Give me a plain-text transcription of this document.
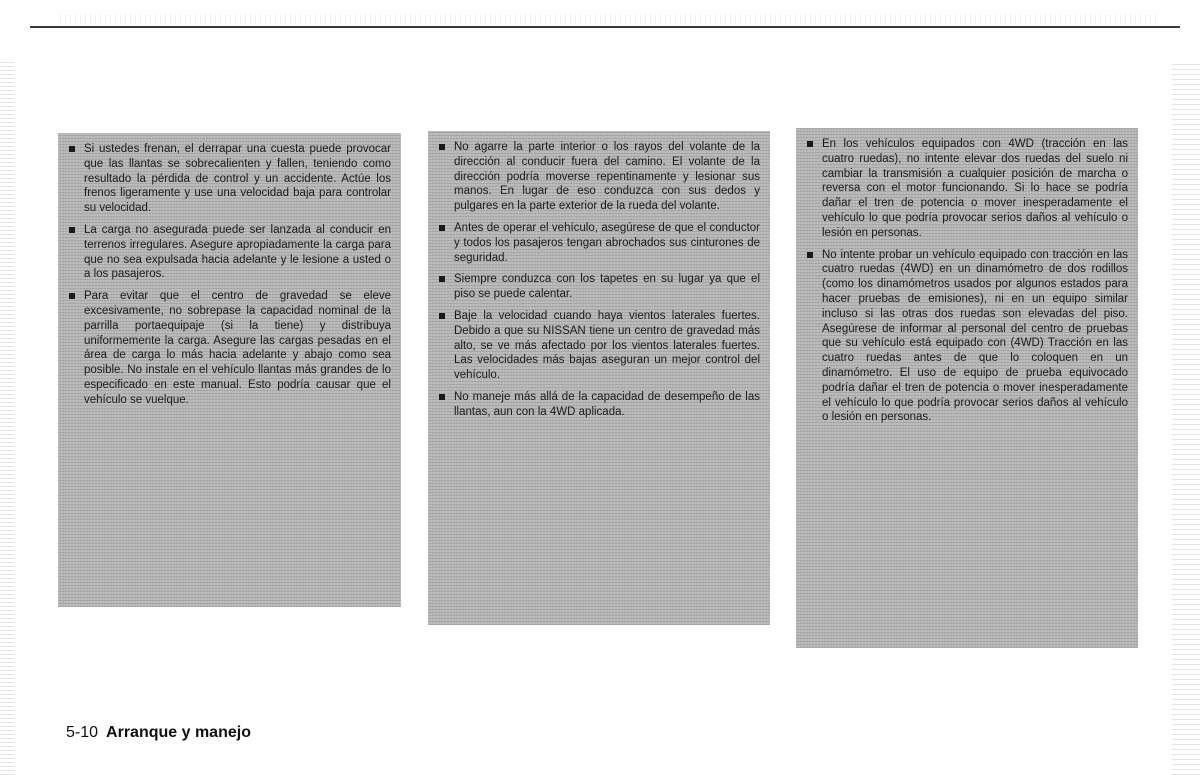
Si ustedes frenan, el derrapar una cuesta puede provocar que las llantas se sobrecalienten y fallen, teniendo como resultado la pérdida de control y un accidente. Actúe los frenos ligeramente y use una velocidad baja para controlar su velocidad.
La carga no asegurada puede ser lanzada al conducir en terrenos irregulares. Asegure apropiadamente la carga para que no sea expulsada hacia adelante y le lesione a usted o a los pasajeros.
Para evitar que el centro de gravedad se eleve excesivamente, no sobrepase la capacidad nominal de la parrilla portaequipaje (si la tiene) y distribuya uniformemente la carga. Asegure las cargas pesadas en el área de carga lo más hacia adelante y abajo como sea posible. No instale en el vehículo llantas más grandes de lo especificado en este manual. Esto podría causar que el vehículo se vuelque.
No agarre la parte interior o los rayos del volante de la dirección al conducir fuera del camino. El volante de la dirección podría moverse repentinamente y lesionar sus manos. En lugar de eso conduzca con sus dedos y pulgares en la parte exterior de la rueda del volante.
Antes de operar el vehículo, asegúrese de que el conductor y todos los pasajeros tengan abrochados sus cinturones de seguridad.
Siempre conduzca con los tapetes en su lugar ya que el piso se puede calentar.
Baje la velocidad cuando haya vientos laterales fuertes. Debido a que su NISSAN tiene un centro de gravedad más alto, se ve más afectado por los vientos laterales fuertes. Las velocidades más bajas aseguran un mejor control del vehículo.
No maneje más allá de la capacidad de desempeño de las llantas, aun con la 4WD aplicada.
En los vehículos equipados con 4WD (tracción en las cuatro ruedas), no intente elevar dos ruedas del suelo ni cambiar la transmisión a cualquier posición de marcha o reversa con el motor funcionando. Si lo hace se podría dañar el tren de potencia o mover inesperadamente el vehículo lo que podría provocar serios daños al vehículo o lesión en personas.
No intente probar un vehículo equipado con tracción en las cuatro ruedas (4WD) en un dinamómetro de dos rodillos (como los dinamómetros usados por algunos estados para hacer pruebas de emisiones), ni en un equipo similar incluso si las otras dos ruedas son elevadas del piso. Asegúrese de informar al personal del centro de pruebas que su vehículo está equipado con (4WD) Tracción en las cuatro ruedas antes de que lo coloquen en un dinamómetro. El uso de equipo de prueba equivocado podría dañar el tren de potencia o mover inesperadamente el vehículo lo que podría provocar serios daños al vehículo o lesión en personas.
5-10 Arranque y manejo
